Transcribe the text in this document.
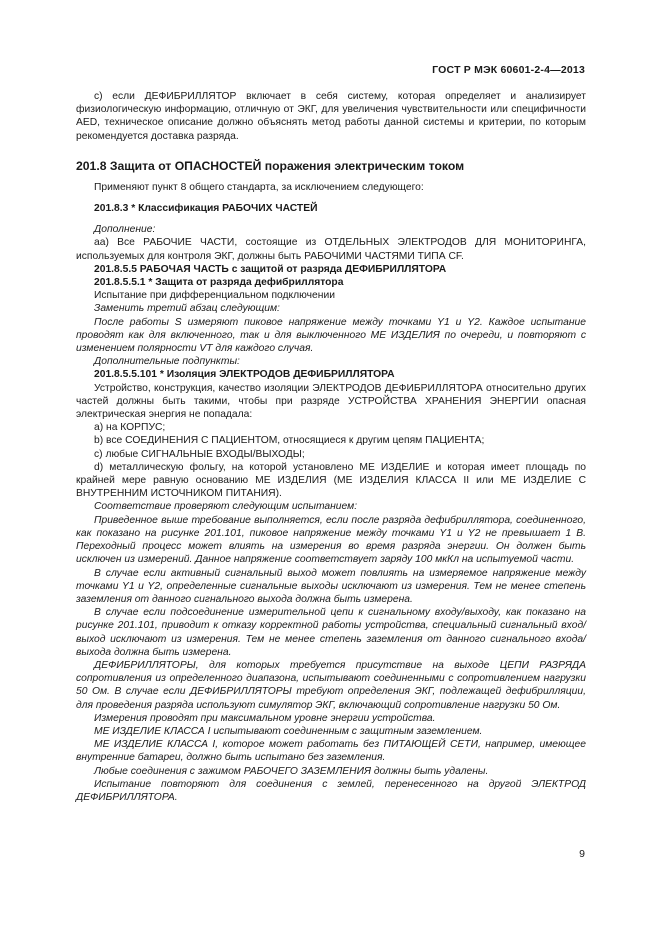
ГОСТ Р МЭК 60601-2-4—2013

c) если ДЕФИБРИЛЛЯТОР включает в себя систему, которая определяет и анализирует физиологическую информацию, отличную от ЭКГ, для увеличения чувствительности или специфичности AED, техническое описание должно объяснять метод работы данной системы и критерии, по которым рекомендуется доставка разряда.

201.8 Защита от ОПАСНОСТЕЙ поражения электрическим током

Применяют пункт 8 общего стандарта, за исключением следующего:

201.8.3 * Классификация РАБОЧИХ ЧАСТЕЙ

Дополнение:

аа) Все РАБОЧИЕ ЧАСТИ, состоящие из ОТДЕЛЬНЫХ ЭЛЕКТРОДОВ ДЛЯ МОНИТОРИНГА, используемых для контроля ЭКГ, должны быть РАБОЧИМИ ЧАСТЯМИ ТИПА CF.

201.8.5.5 РАБОЧАЯ ЧАСТЬ с защитой от разряда ДЕФИБРИЛЛЯТОРА

201.8.5.5.1 * Защита от разряда дефибриллятора

Испытание при дифференциальном подключении

Заменить третий абзац следующим:

После работы S измеряют пиковое напряжение между точками Y1 и Y2. Каждое испытание проводят как для включенного, так и для выключенного МЕ ИЗДЕЛИЯ по очереди, и повторяют с изменением полярности VT для каждого случая.

Дополнительные подпункты:

201.8.5.5.101 * Изоляция ЭЛЕКТРОДОВ ДЕФИБРИЛЛЯТОРА

Устройство, конструкция, качество изоляции ЭЛЕКТРОДОВ ДЕФИБРИЛЛЯТОРА относительно других частей должны быть такими, чтобы при разряде УСТРОЙСТВА ХРАНЕНИЯ ЭНЕРГИИ опасная электрическая энергия не попадала:

a) на КОРПУС;

b) все СОЕДИНЕНИЯ С ПАЦИЕНТОМ, относящиеся к другим цепям ПАЦИЕНТА;

c) любые СИГНАЛЬНЫЕ ВХОДЫ/ВЫХОДЫ;

d) металлическую фольгу, на которой установлено МЕ ИЗДЕЛИЕ и которая имеет площадь по крайней мере равную основанию МЕ ИЗДЕЛИЯ (МЕ ИЗДЕЛИЯ КЛАССА II или МЕ ИЗДЕЛИЕ С ВНУТРЕННИМ ИСТОЧНИКОМ ПИТАНИЯ).

Соответствие проверяют следующим испытанием:

Приведенное выше требование выполняется, если после разряда дефибриллятора, соединенного, как показано на рисунке 201.101, пиковое напряжение между точками Y1 и Y2 не превышает 1 В. Переходный процесс может влиять на измерения во время разряда энергии. Он должен быть исключен из измерений. Данное напряжение соответствует заряду 100 мкКл на испытуемой части.

В случае если активный сигнальный выход может повлиять на измеряемое напряжение между точками Y1 и Y2, определенные сигнальные выходы исключают из измерения. Тем не менее степень заземления от данного сигнального выхода должна быть измерена.

В случае если подсоединение измерительной цепи к сигнальному входу/выходу, как показано на рисунке 201.101, приводит к отказу корректной работы устройства, специальный сигнальный вход/выход исключают из измерения. Тем не менее степень заземления от данного сигнального входа/выхода должна быть измерена.

ДЕФИБРИЛЛЯТОРЫ, для которых требуется присутствие на выходе ЦЕПИ РАЗРЯДА сопротивления из определенного диапазона, испытывают соединенными с сопротивлением нагрузки 50 Ом. В случае если ДЕФИБРИЛЛЯТОРЫ требуют определения ЭКГ, подлежащей дефибрилляции, для проведения разряда используют симулятор ЭКГ, включающий сопротивление нагрузки 50 Ом.

Измерения проводят при максимальном уровне энергии устройства.

МЕ ИЗДЕЛИЕ КЛАССА I испытывают соединенным с защитным заземлением.

МЕ ИЗДЕЛИЕ КЛАССА I, которое может работать без ПИТАЮЩЕЙ СЕТИ, например, имеющее внутренние батареи, должно быть испытано без заземления.

Любые соединения с зажимом РАБОЧЕГО ЗАЗЕМЛЕНИЯ должны быть удалены.

Испытание повторяют для соединения с землей, перенесенного на другой ЭЛЕКТРОД ДЕФИБРИЛЛЯТОРА.

9
